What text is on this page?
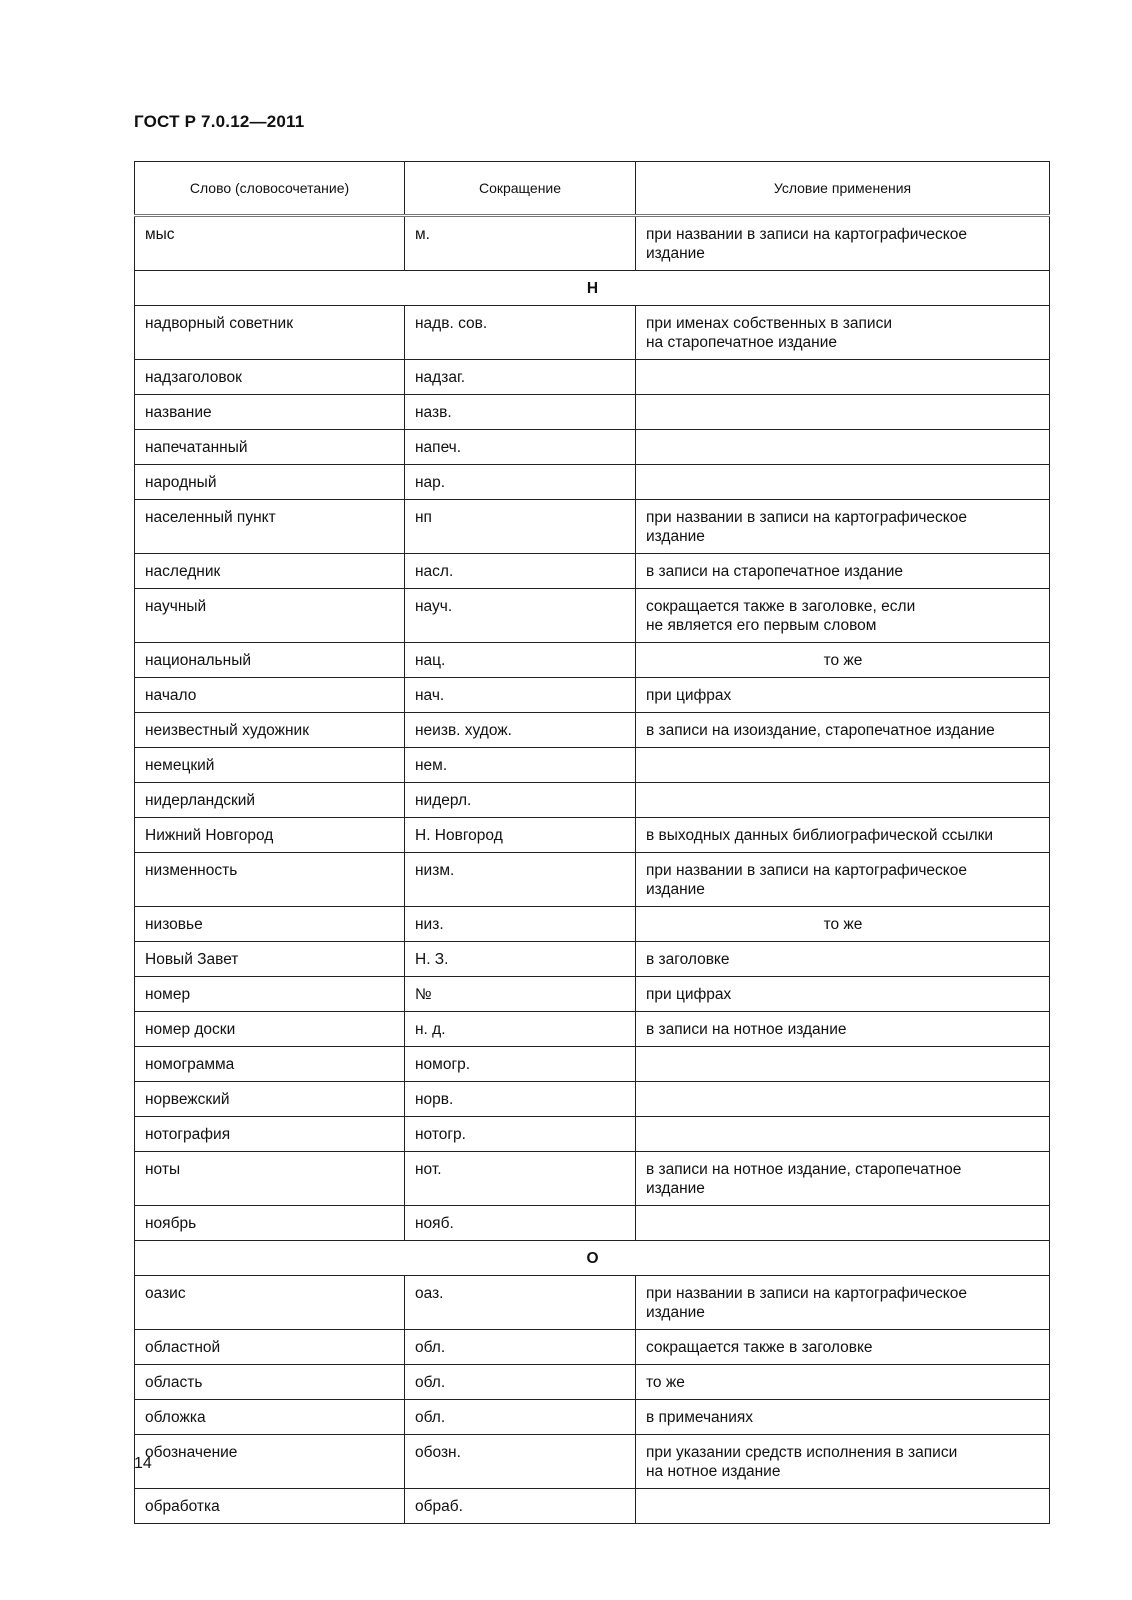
ГОСТ Р 7.0.12—2011
Слово (словосочетание)	Сокращение	Условие применения
мыс	м.	при названии в записи на картографическое
издание

Н		
надворный советник	надв. сов.	при именах собственных в записи
на старопечатное издание

надзаголовок	надзаг.	
название	назв.	
напечатанный	напеч.	
народный	нар.	
населенный пункт	нп	при названии в записи на картографическое
издание

наследник	насл.	в записи на старопечатное издание

научный	науч.	сокращается также в заголовке, если
не является его первым словом

национальный	нац.	то же

начало	нач.	при цифрах

неизвестный художник	неизв. худож.	в записи на изоиздание, старопечатное издание

немецкий	нем.	
нидерландский	нидерл.	
Нижний Новгород	Н. Новгород	в выходных данных библиографической ссылки

низменность	низм.	при названии в записи на картографическое
издание

низовье	низ.	то же

Новый Завет	Н. З.	в заголовке

номер	№	при цифрах

номер доски	н. д.	в записи на нотное издание

номограмма	номогр.	
норвежский	норв.	
нотография	нотогр.	
ноты	нот.	в записи на нотное издание, старопечатное
издание

ноябрь	нояб.	
О		
оазис	оаз.	при названии в записи на картографическое
издание

областной	обл.	сокращается также в заголовке

область	обл.	то же

обложка	обл.	в примечаниях

обозначение	обозн.	при указании средств исполнения в записи
на нотное издание

обработка	обраб.	
14
